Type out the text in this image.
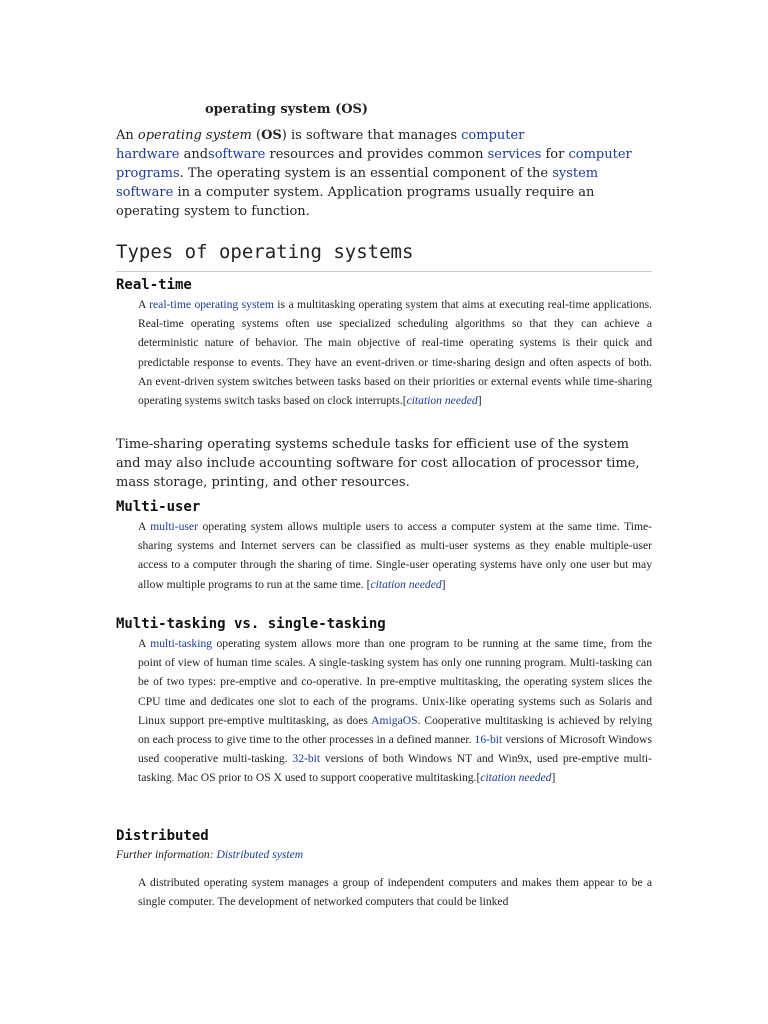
operating system (OS)
An operating system (OS) is software that manages computer
hardware andsoftware resources and provides common services for computer programs. The operating system is an essential component of the system software in a computer system. Application programs usually require an operating system to function.
Types of operating systems
Real-time
A real-time operating system is a multitasking operating system that aims at executing real-time applications. Real-time operating systems often use specialized scheduling algorithms so that they can achieve a deterministic nature of behavior. The main objective of real-time operating systems is their quick and predictable response to events. They have an event-driven or time-sharing design and often aspects of both. An event-driven system switches between tasks based on their priorities or external events while time-sharing operating systems switch tasks based on clock interrupts.[citation needed]
Time-sharing operating systems schedule tasks for efficient use of the system and may also include accounting software for cost allocation of processor time, mass storage, printing, and other resources.
Multi-user
A multi-user operating system allows multiple users to access a computer system at the same time. Time-sharing systems and Internet servers can be classified as multi-user systems as they enable multiple-user access to a computer through the sharing of time. Single-user operating systems have only one user but may allow multiple programs to run at the same time. [citation needed]
Multi-tasking vs. single-tasking
A multi-tasking operating system allows more than one program to be running at the same time, from the point of view of human time scales. A single-tasking system has only one running program. Multi-tasking can be of two types: pre-emptive and co-operative. In pre-emptive multitasking, the operating system slices the CPU time and dedicates one slot to each of the programs. Unix-like operating systems such as Solaris and Linux support pre-emptive multitasking, as does AmigaOS. Cooperative multitasking is achieved by relying on each process to give time to the other processes in a defined manner. 16-bit versions of Microsoft Windows used cooperative multi-tasking. 32-bit versions of both Windows NT and Win9x, used pre-emptive multi-tasking. Mac OS prior to OS X used to support cooperative multitasking.[citation needed]
Distributed
Further information: Distributed system
A distributed operating system manages a group of independent computers and makes them appear to be a single computer. The development of networked computers that could be linked
